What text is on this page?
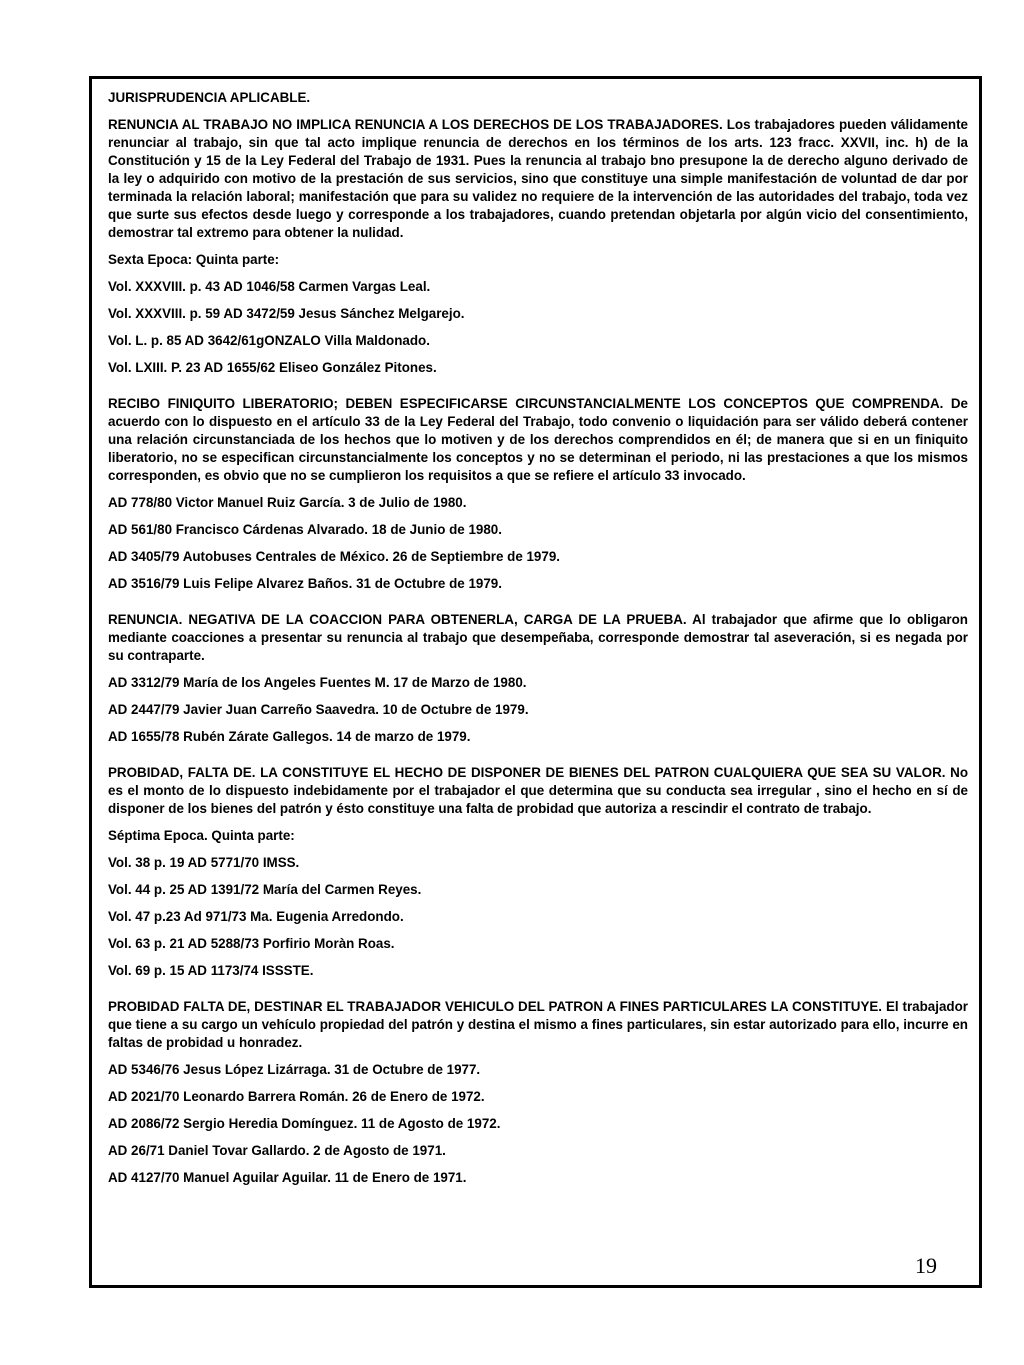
JURISPRUDENCIA APLICABLE.

RENUNCIA AL TRABAJO NO IMPLICA RENUNCIA A LOS DERECHOS DE LOS TRABAJADORES. Los trabajadores pueden válidamente renunciar al trabajo, sin que tal acto implique renuncia de derechos en los términos de los arts. 123 fracc. XXVII, inc. h) de la Constitución y 15 de la Ley Federal del Trabajo de 1931. Pues la renuncia al trabajo bno presupone la de derecho alguno derivado de la ley o adquirido con motivo de la prestación de sus servicios, sino que constituye una simple manifestación de voluntad de dar por terminada la relación laboral; manifestación que para su validez no requiere de la intervención de las autoridades del trabajo, toda vez que surte sus efectos desde luego y corresponde a los trabajadores, cuando pretendan objetarla por algún vicio del consentimiento, demostrar tal extremo para obtener la nulidad.

Sexta Epoca: Quinta parte:

Vol. XXXVIII. p. 43 AD 1046/58 Carmen Vargas Leal.

Vol. XXXVIII. p. 59 AD 3472/59 Jesus Sánchez Melgarejo.

Vol. L. p. 85 AD 3642/61gONZALO Villa Maldonado.

Vol. LXIII. P. 23 AD 1655/62 Eliseo González Pitones.

RECIBO FINIQUITO LIBERATORIO; DEBEN ESPECIFICARSE CIRCUNSTANCIALMENTE LOS CONCEPTOS QUE COMPRENDA. De acuerdo con lo dispuesto en el artículo 33 de la Ley Federal del Trabajo, todo convenio o liquidación para ser válido deberá contener una relación circunstanciada de los hechos que lo motiven y de los derechos comprendidos en él; de manera que si en un finiquito liberatorio, no se especifican circunstancialmente los conceptos y no se determinan el periodo, ni las prestaciones a que los mismos corresponden, es obvio que no se cumplieron los requisitos a que se refiere el artículo 33 invocado.

AD 778/80 Victor Manuel Ruiz García. 3 de Julio de 1980.

AD 561/80 Francisco Cárdenas Alvarado. 18 de Junio de 1980.

AD 3405/79 Autobuses Centrales de México. 26 de Septiembre de 1979.

AD 3516/79 Luis Felipe Alvarez Baños. 31 de Octubre de 1979.

RENUNCIA. NEGATIVA DE LA COACCION PARA OBTENERLA, CARGA DE LA PRUEBA. Al trabajador que afirme que lo obligaron mediante coacciones a presentar su renuncia al trabajo que desempeñaba, corresponde demostrar tal aseveración, si es negada por su contraparte.

AD 3312/79 María de los Angeles Fuentes M. 17 de Marzo de 1980.

AD 2447/79 Javier Juan Carreño Saavedra. 10 de Octubre de 1979.

AD 1655/78 Rubén Zárate Gallegos. 14 de marzo de 1979.

PROBIDAD, FALTA DE. LA CONSTITUYE EL HECHO DE DISPONER DE BIENES DEL PATRON CUALQUIERA QUE SEA SU VALOR. No es el monto de lo dispuesto indebidamente por el trabajador el que determina que su conducta sea irregular , sino el hecho en sí de disponer de los bienes del patrón y ésto constituye una falta de probidad que autoriza a rescindir el contrato de trabajo.

Séptima Epoca. Quinta parte:

Vol. 38 p. 19 AD 5771/70 IMSS.

Vol. 44 p. 25 AD 1391/72 María del Carmen Reyes.

Vol. 47 p.23 Ad 971/73 Ma. Eugenia Arredondo.

Vol. 63 p. 21 AD 5288/73 Porfirio Moràn Roas.

Vol. 69 p. 15 AD 1173/74 ISSSTE.

PROBIDAD FALTA DE, DESTINAR EL TRABAJADOR VEHICULO DEL PATRON A FINES PARTICULARES LA CONSTITUYE. El trabajador que tiene a su cargo un vehículo propiedad del patrón y destina el mismo a fines particulares, sin estar autorizado para ello, incurre en faltas de probidad u honradez.

AD 5346/76 Jesus López Lizárraga. 31 de Octubre de 1977.

AD 2021/70 Leonardo Barrera Román. 26 de Enero de 1972.

AD 2086/72 Sergio Heredia Domínguez. 11 de Agosto de 1972.

AD 26/71 Daniel Tovar Gallardo. 2 de Agosto de 1971.

AD 4127/70 Manuel Aguilar Aguilar. 11 de Enero de 1971.

19
